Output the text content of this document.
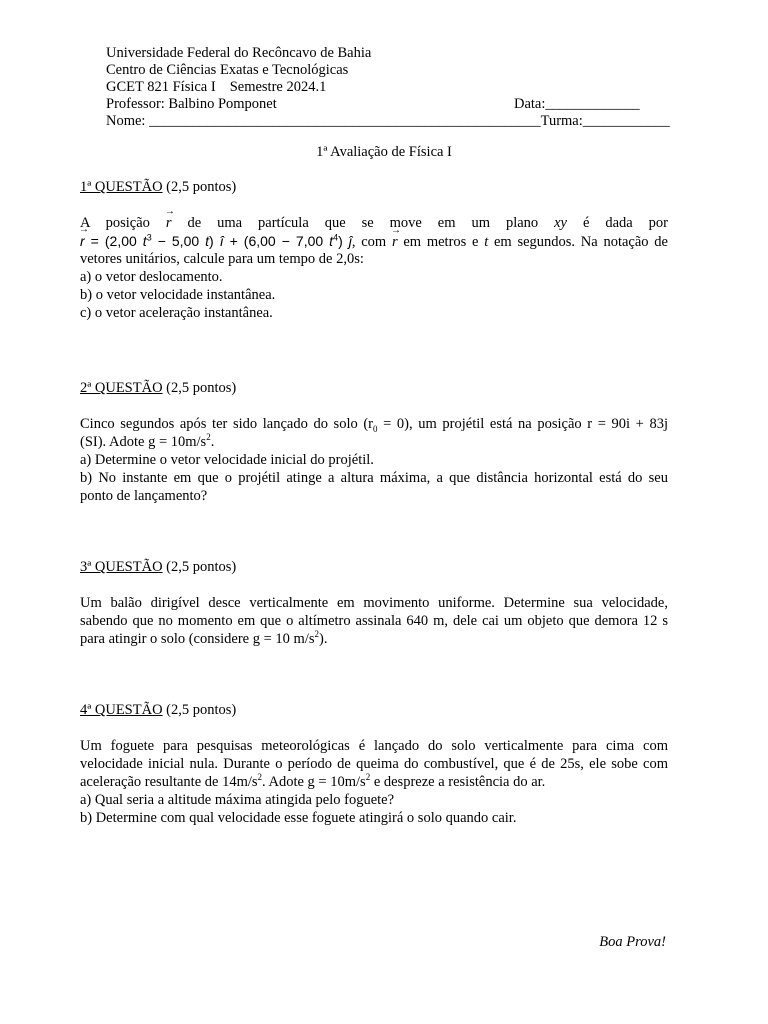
Universidade Federal do Recôncavo de Bahia
Centro de Ciências Exatas e Tecnológicas
GCET 821 Física I Semestre 2024.1
Professor: Balbino Pomponet	Data:_____________
Nome: ______________________________________________________Turma:____________
1ª Avaliação de Física I
1ª QUESTÃO (2,5 pontos)

A posição → r de uma partícula que se move em um plano xy é dada por

→ r = (2,00 $t^3 - 5,00$ t) î + (6,00 − 7,00 $t^4$) ĵ, com → r em metros e t em segundos. Na notação de

vetores unitários, calcule para um tempo de 2,0s:

a) o vetor deslocamento.

b) o vetor velocidade instantânea.

c) o vetor aceleração instantânea.

2ª QUESTÃO (2,5 pontos)

Cinco segundos após ter sido lançado do solo $(r_0 = 0)$, um projétil está na posição r = 90i + 83j

(SI). Adote $g = 10m/s^2$.

a) Determine o vetor velocidade inicial do projétil.

b) No instante em que o projétil atinge a altura máxima, a que distância horizontal está do seu

ponto de lançamento?

3ª QUESTÃO (2,5 pontos)

Um balão dirigível desce verticalmente em movimento uniforme. Determine sua velocidade,

sabendo que no momento em que o altímetro assinala 640 m, dele cai um objeto que demora 12 s

para atingir o solo (considere g = 10 $m/s^2$).

4ª QUESTÃO (2,5 pontos)

Um foguete para pesquisas meteorológicas é lançado do solo verticalmente para cima com

velocidade inicial nula. Durante o período de queima do combustível, que é de 25s, ele sobe com

aceleração resultante de $14m/s^2$. Adote $g = 10m/s^2$ e despreze a resistência do ar.

a) Qual seria a altitude máxima atingida pelo foguete?

b) Determine com qual velocidade esse foguete atingirá o solo quando cair.

Boa Prova!
